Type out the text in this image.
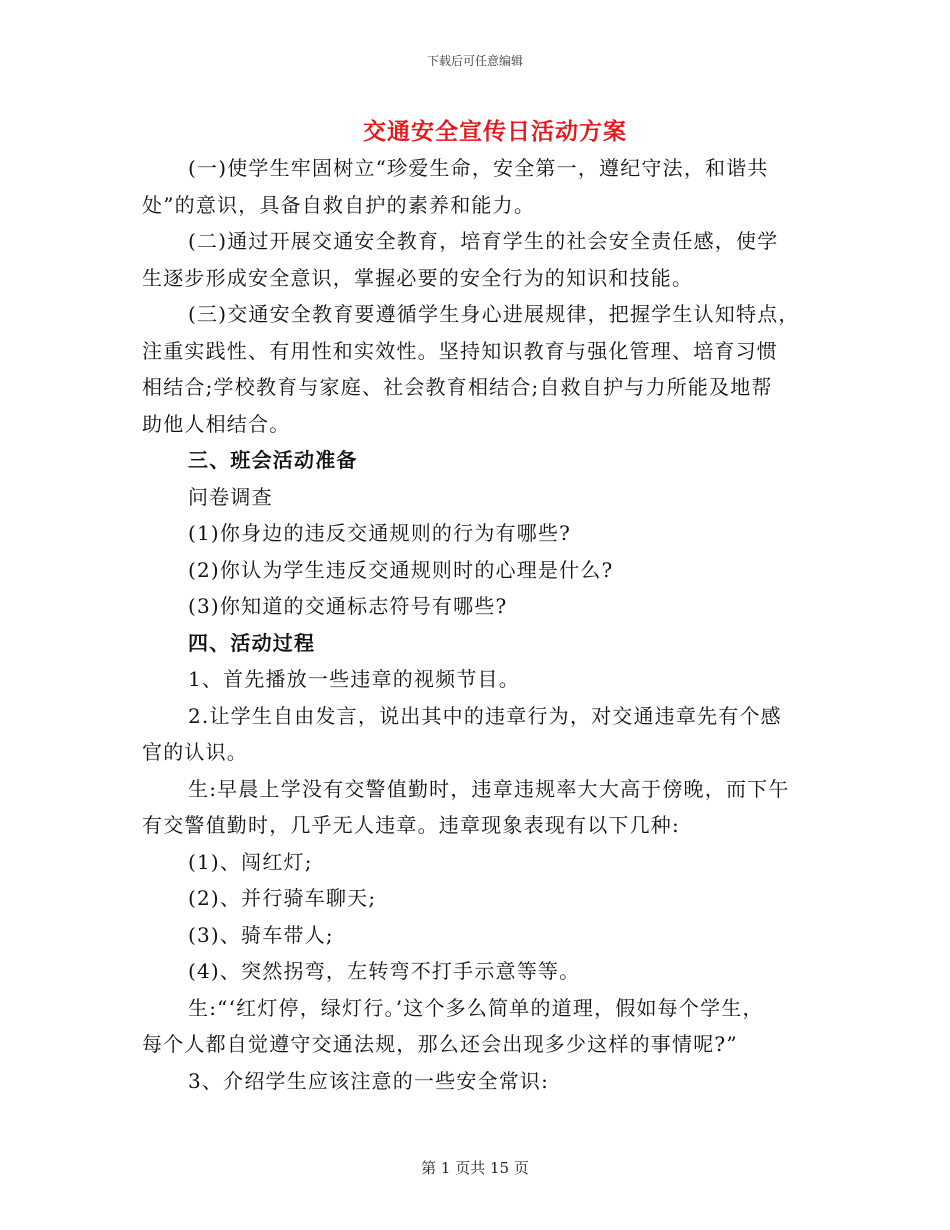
下载后可任意编辑
交通安全宣传日活动方案
(一)使学生牢固树立“珍爱生命，安全第一，遵纪守法，和谐共
处”的意识，具备自救自护的素养和能力。
(二)通过开展交通安全教育，培育学生的社会安全责任感，使学
生逐步形成安全意识，掌握必要的安全行为的知识和技能。
(三)交通安全教育要遵循学生身心进展规律，把握学生认知特点，
注重实践性、有用性和实效性。坚持知识教育与强化管理、培育习惯
相结合;学校教育与家庭、社会教育相结合;自救自护与力所能及地帮
助他人相结合。
三、班会活动准备
问卷调查
(1)你身边的违反交通规则的行为有哪些?
(2)你认为学生违反交通规则时的心理是什么?
(3)你知道的交通标志符号有哪些?
四、活动过程
1、首先播放一些违章的视频节目。
2.让学生自由发言，说出其中的违章行为，对交通违章先有个感
官的认识。
生:早晨上学没有交警值勤时，违章违规率大大高于傍晚，而下午
有交警值勤时，几乎无人违章。违章现象表现有以下几种:
(1)、闯红灯;
(2)、并行骑车聊天;
(3)、骑车带人;
(4)、突然拐弯，左转弯不打手示意等等。
生:“‘红灯停，绿灯行。’这个多么简单的道理，假如每个学生，
每个人都自觉遵守交通法规，那么还会出现多少这样的事情呢?”
3、介绍学生应该注意的一些安全常识:
第 1 页共 15 页
